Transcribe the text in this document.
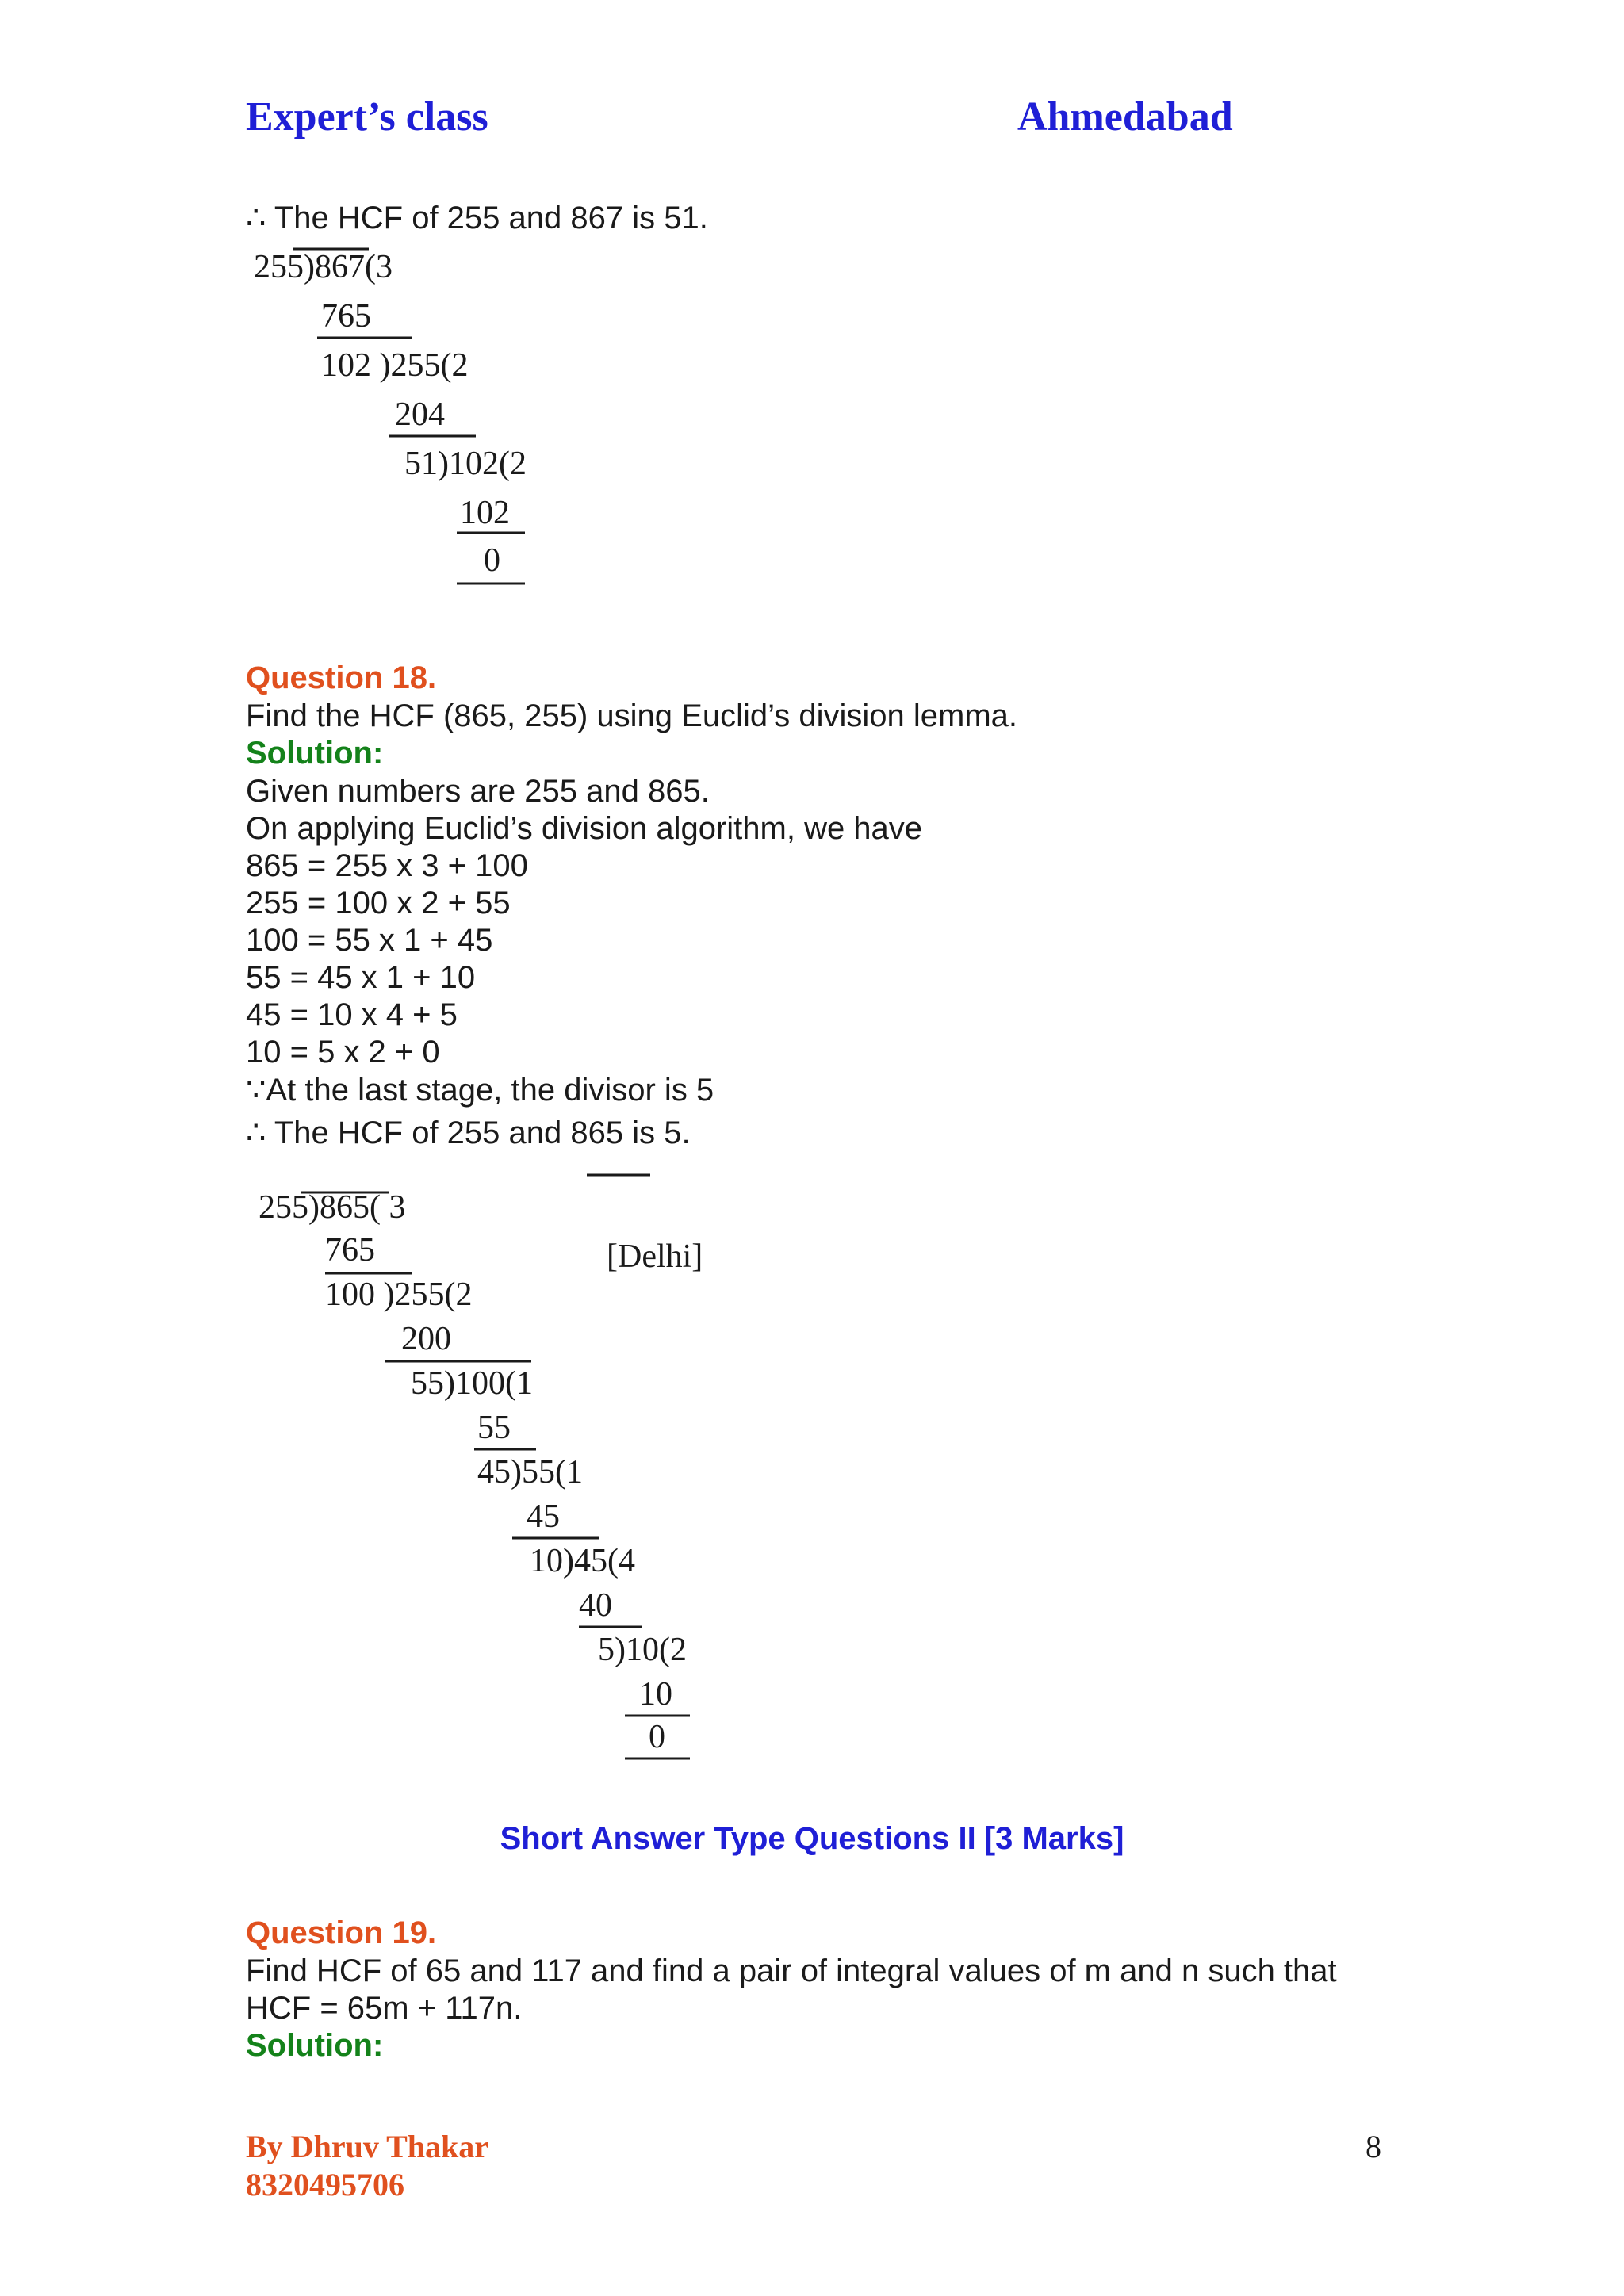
Expert’s class	Ahmedabad
∴ The HCF of 255 and 867 is 51.
255)867(3
765
102 )255(2
204
51)102(2
102
0
Question 18.
Find the HCF (865, 255) using Euclid’s division lemma.
Solution:
Given numbers are 255 and 865.
On applying Euclid’s division algorithm, we have
865 = 255 x 3 + 100
255 = 100 x 2 + 55
100 = 55 x 1 + 45
55 = 45 x 1 + 10
45 = 10 x 4 + 5
10 = 5 x 2 + 0
∵At the last stage, the divisor is 5
∴ The HCF of 255 and 865 is 5.
255)865( 3
[Delhi]
765
100 )255(2
200
55)100(1
55
45)55(1
45
10)45(4
40
5)10(2
10
0
Short Answer Type Questions II [3 Marks]
Question 19.
Find HCF of 65 and 117 and find a pair of integral values of m and n such that
HCF = 65m + 117n.
Solution:
By Dhruv Thakar
8320495706
8
